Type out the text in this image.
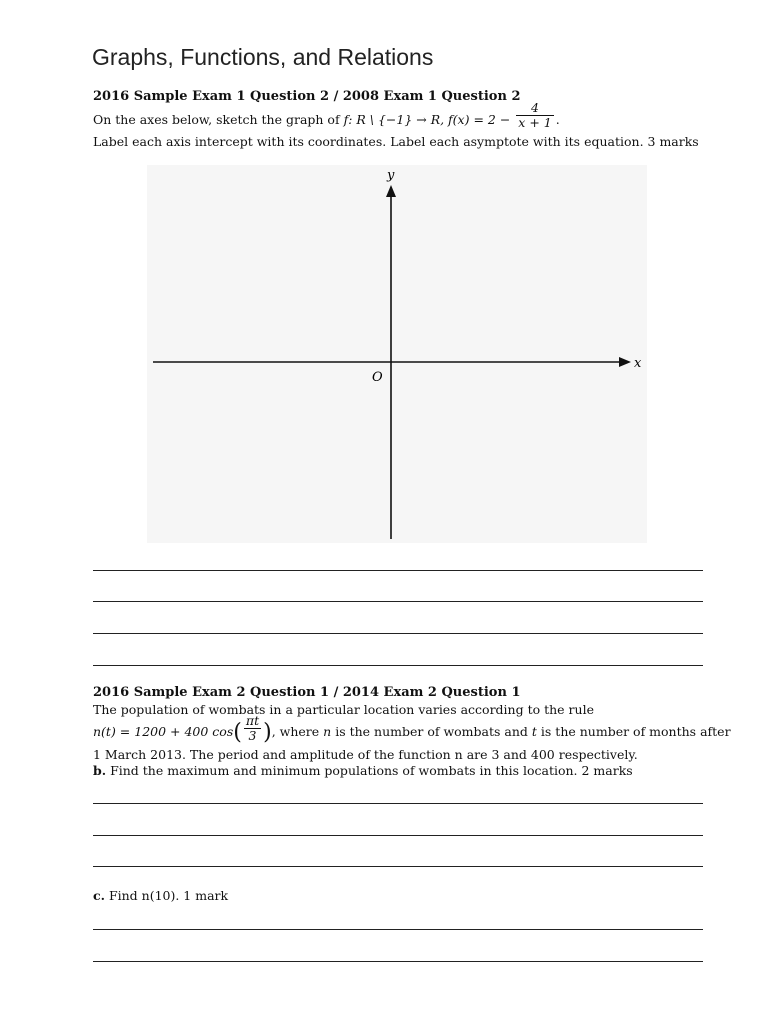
Graphs, Functions, and Relations
2016 Sample Exam 1 Question 2 / 2008 Exam 1 Question 2
On the axes below, sketch the graph of f: R \ {−1} → R, $f(x) = 2 - \frac{4}{x + 1}$ .
Label each axis intercept with its coordinates. Label each asymptote with its equation. 3 marks
y
x
O
2016 Sample Exam 2 Question 1 / 2014 Exam 2 Question 1
The population of wombats in a particular location varies according to the rule
n(t) = 1200 + 400 $\cos( \frac{\pi t}{3}$ ), where n is the number of wombats and t is the number of months after
1 March 2013. The period and amplitude of the function n are 3 and 400 respectively.
b. Find the maximum and minimum populations of wombats in this location. 2 marks
c. Find n(10). 1 mark
